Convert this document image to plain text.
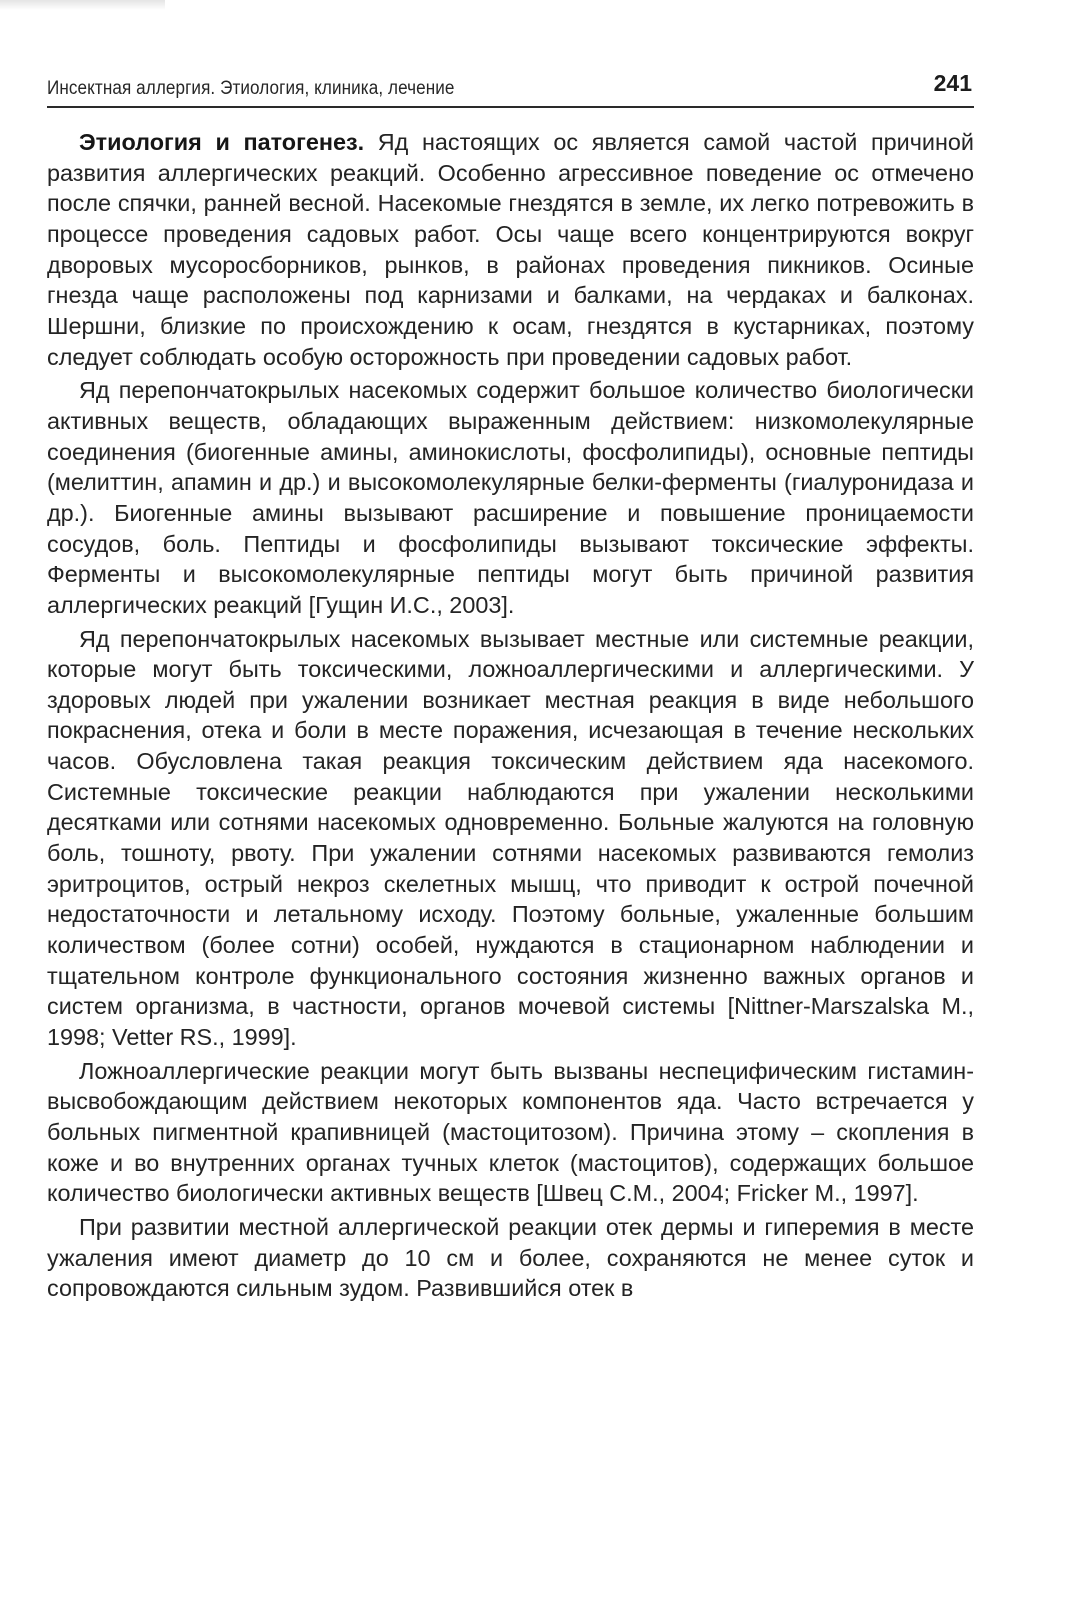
Инсектная аллергия. Этиология, клиника, лечение	241

Этиология и патогенез. Яд настоящих ос является самой частой причиной развития аллергических реакций. Особенно агрессивное поведение ос отмечено после спячки, ранней весной. Насекомые гнездятся в земле, их легко потревожить в процессе проведения садовых работ. Осы чаще всего концентрируются вокруг дворовых мусоросборников, рынков, в районах проведения пикников. Осиные гнезда чаще расположены под карнизами и балками, на чердаках и балконах. Шершни, близкие по происхождению к осам, гнездятся в кустарниках, поэтому следует соблюдать особую осторожность при проведении садовых работ.

Яд перепончатокрылых насекомых содержит большое количество биологически активных веществ, обладающих выраженным действием: низкомолекулярные соединения (биогенные амины, аминокислоты, фосфолипиды), основные пептиды (мелиттин, апамин и др.) и высокомолекулярные белки-ферменты (гиалуронидаза и др.). Биогенные амины вызывают расширение и повышение проницаемости сосудов, боль. Пептиды и фосфолипиды вызывают токсические эффекты. Ферменты и высокомолекулярные пептиды могут быть причиной развития аллергических реакций [Гущин И.С., 2003].

Яд перепончатокрылых насекомых вызывает местные или системные реакции, которые могут быть токсическими, ложноаллергическими и аллергическими. У здоровых людей при ужалении возникает местная реакция в виде небольшого покраснения, отека и боли в месте поражения, исчезающая в течение нескольких часов. Обусловлена такая реакция токсическим действием яда насекомого. Системные токсические реакции наблюдаются при ужалении несколькими десятками или сотнями насекомых одновременно. Больные жалуются на головную боль, тошноту, рвоту. При ужалении сотнями насекомых развиваются гемолиз эритроцитов, острый некроз скелетных мышц, что приводит к острой почечной недостаточности и летальному исходу. Поэтому больные, ужаленные большим количеством (более сотни) особей, нуждаются в стационарном наблюдении и тщательном контроле функционального состояния жизненно важных органов и систем организма, в частности, органов мочевой системы [Nittner-Marszalska M., 1998; Vetter RS., 1999].

Ложноаллергические реакции могут быть вызваны неспецифическим гистамин-высвобождающим действием некоторых компонентов яда. Часто встречается у больных пигментной крапивницей (мастоцитозом). Причина этому – скопления в коже и во внутренних органах тучных клеток (мастоцитов), содержащих большое количество биологически активных веществ [Швец С.М., 2004; Fricker M., 1997].

При развитии местной аллергической реакции отек дермы и гиперемия в месте ужаления имеют диаметр до 10 см и более, сохраняются не менее суток и сопровождаются сильным зудом. Развившийся отек в
